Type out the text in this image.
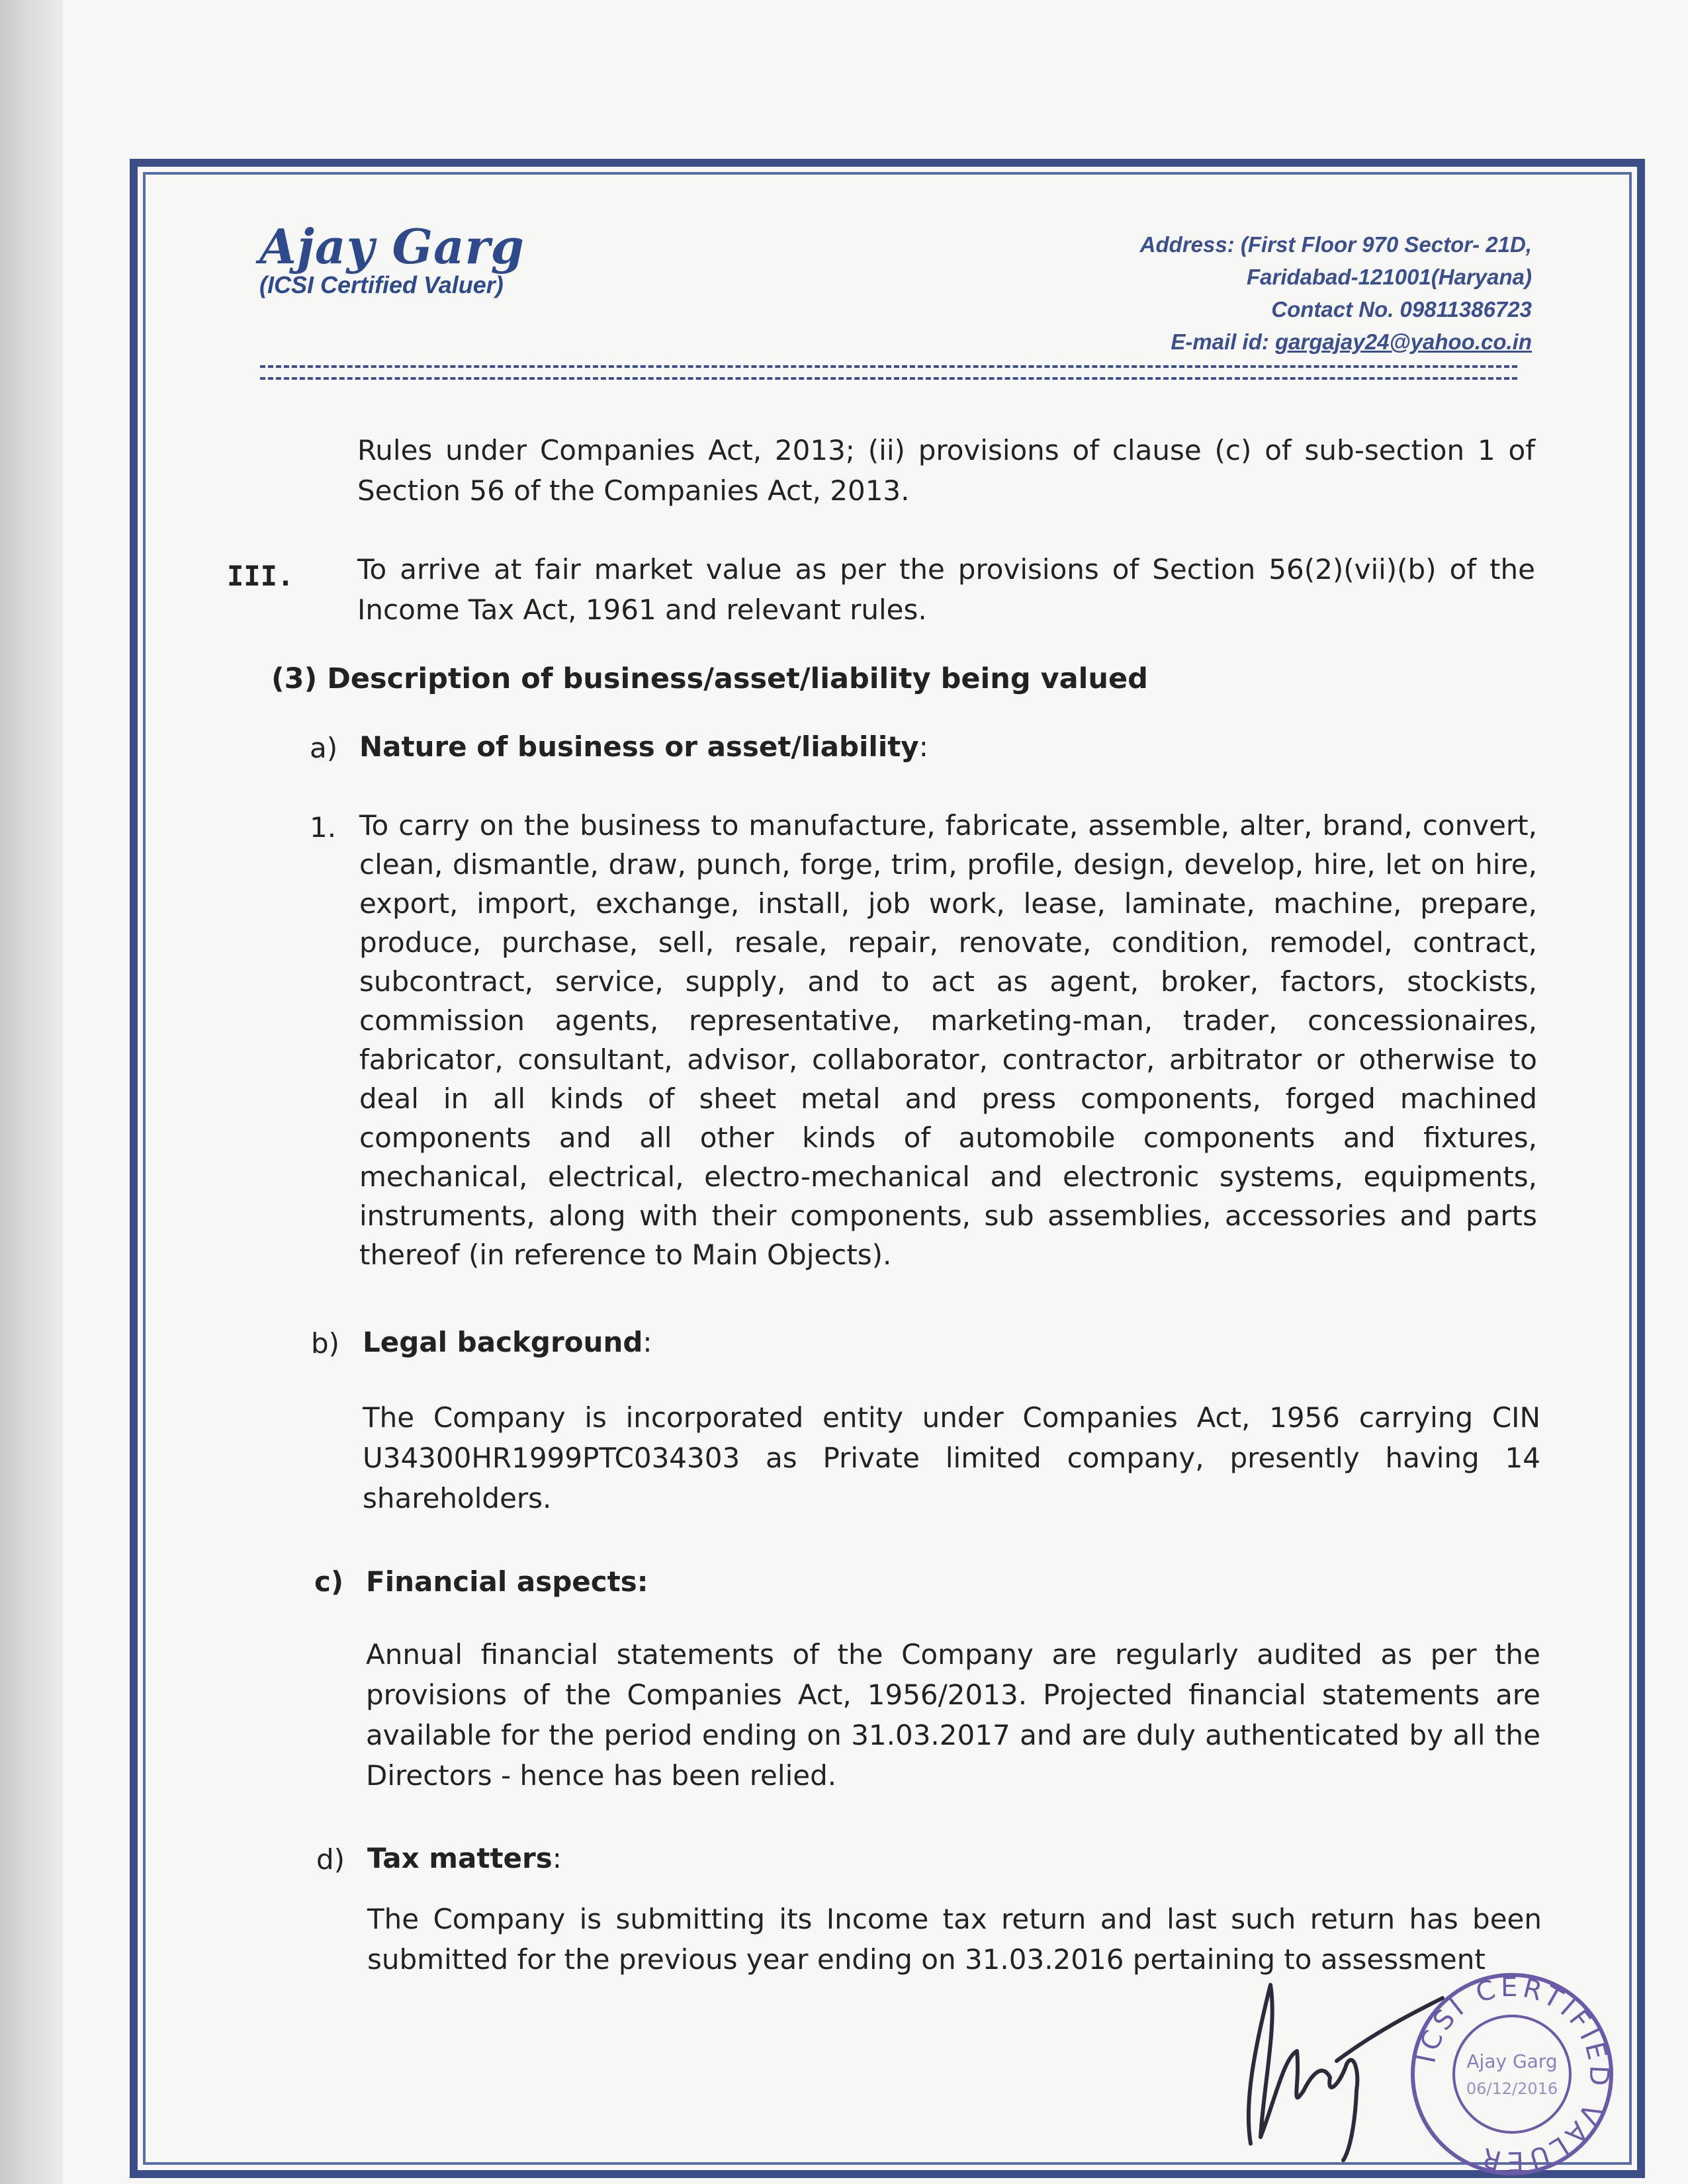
Ajay Garg
(ICSI Certified Valuer)
Address: (First Floor 970 Sector- 21D,
Faridabad-121001(Haryana)
Contact No. 09811386723
E-mail id: gargajay24@yahoo.co.in
Rules under Companies Act, 2013; (ii) provisions of clause (c) of sub-section 1 of Section 56 of the Companies Act, 2013.
III. To arrive at fair market value as per the provisions of Section 56(2)(vii)(b) of the Income Tax Act, 1961 and relevant rules.
(3) Description of business/asset/liability being valued
a) Nature of business or asset/liability:
1. To carry on the business to manufacture, fabricate, assemble, alter, brand, convert, clean, dismantle, draw, punch, forge, trim, profile, design, develop, hire, let on hire, export, import, exchange, install, job work, lease, laminate, machine, prepare, produce, purchase, sell, resale, repair, renovate, condition, remodel, contract, subcontract, service, supply, and to act as agent, broker, factors, stockists, commission agents, representative, marketing-man, trader, concessionaires, fabricator, consultant, advisor, collaborator, contractor, arbitrator or otherwise to deal in all kinds of sheet metal and press components, forged machined components and all other kinds of automobile components and fixtures, mechanical, electrical, electro-mechanical and electronic systems, equipments, instruments, along with their components, sub assemblies, accessories and parts thereof (in reference to Main Objects).
b) Legal background:
The Company is incorporated entity under Companies Act, 1956 carrying CIN U34300HR1999PTC034303 as Private limited company, presently having 14 shareholders.
c) Financial aspects:
Annual financial statements of the Company are regularly audited as per the provisions of the Companies Act, 1956/2013. Projected financial statements are available for the period ending on 31.03.2017 and are duly authenticated by all the Directors - hence has been relied.
d) Tax matters:
The Company is submitting its Income tax return and last such return has been submitted for the previous year ending on 31.03.2016 pertaining to assessment
ICSI CERTIFIED VALUER
Ajay Garg
06/12/2016
